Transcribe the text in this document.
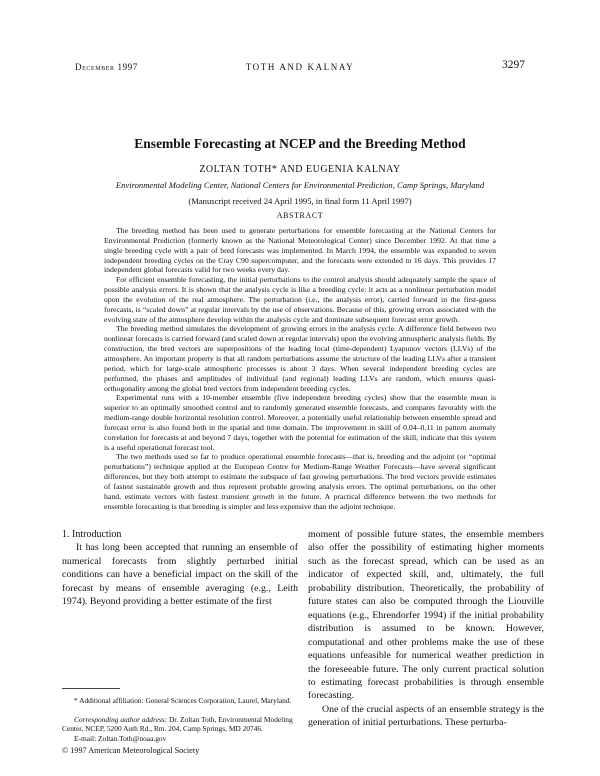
December 1997	TOTH AND KALNAY	3297
Ensemble Forecasting at NCEP and the Breeding Method
ZOLTAN TOTH* AND EUGENIA KALNAY
Environmental Modeling Center, National Centers for Environmental Prediction, Camp Springs, Maryland
(Manuscript received 24 April 1995, in final form 11 April 1997)
ABSTRACT

The breeding method has been used to generate perturbations for ensemble forecasting at the National Centers for Environmental Prediction (formerly known as the National Meteorological Center) since December 1992. At that time a single breeding cycle with a pair of bred forecasts was implemented. In March 1994, the ensemble was expanded to seven independent breeding cycles on the Cray C90 supercomputer, and the forecasts were extended to 16 days. This provides 17 independent global forecasts valid for two weeks every day.

For efficient ensemble forecasting, the initial perturbations to the control analysis should adequately sample the space of possible analysis errors. It is shown that the analysis cycle is like a breeding cycle: it acts as a nonlinear perturbation model upon the evolution of the real atmosphere. The perturbation (i.e., the analysis error), carried forward in the first-guess forecasts, is “scaled down” at regular intervals by the use of observations. Because of this, growing errors associated with the evolving state of the atmosphere develop within the analysis cycle and dominate subsequent forecast error growth.

The breeding method simulates the development of growing errors in the analysis cycle. A difference field between two nonlinear forecasts is carried forward (and scaled down at regular intervals) upon the evolving atmospheric analysis fields. By construction, the bred vectors are superpositions of the leading local (time-dependent) Lyapunov vectors (LLVs) of the atmosphere. An important property is that all random perturbations assume the structure of the leading LLVs after a transient period, which for large-scale atmospheric processes is about 3 days. When several independent breeding cycles are performed, the phases and amplitudes of individual (and regional) leading LLVs are random, which ensures quasi-orthogonality among the global bred vectors from independent breeding cycles.

Experimental runs with a 10-member ensemble (five independent breeding cycles) show that the ensemble mean is superior to an optimally smoothed control and to randomly generated ensemble forecasts, and compares favorably with the medium-range double horizontal resolution control. Moreover, a potentially useful relationship between ensemble spread and forecast error is also found both in the spatial and time domain. The improvement in skill of 0.04–0.11 in pattern anomaly correlation for forecasts at and beyond 7 days, together with the potential for estimation of the skill, indicate that this system is a useful operational forecast tool.

The two methods used so far to produce operational ensemble forecasts—that is, breeding and the adjoint (or “optimal perturbations”) technique applied at the European Centre for Medium-Range Weather Forecasts—have several significant differences, but they both attempt to estimate the subspace of fast growing perturbations. The bred vectors provide estimates of fastest sustainable growth and thus represent probable growing analysis errors. The optimal perturbations, on the other hand, estimate vectors with fastest transient growth in the future. A practical difference between the two methods for ensemble forecasting is that breeding is simpler and less expensive than the adjoint technique.

1. Introduction

It has long been accepted that running an ensemble of numerical forecasts from slightly perturbed initial conditions can have a beneficial impact on the skill of the forecast by means of ensemble averaging (e.g., Leith 1974). Beyond providing a better estimate of the first

* Additional affiliation: General Sciences Corporation, Laurel, Maryland.

Corresponding author address: Dr. Zoltan Toth, Environmental Modeling Center, NCEP, 5200 Auth Rd., Rm. 204, Camp Springs, MD 20746.

E-mail: Zoltan.Toth@noaa.gov

moment of possible future states, the ensemble members also offer the possibility of estimating higher moments such as the forecast spread, which can be used as an indicator of expected skill, and, ultimately, the full probability distribution. Theoretically, the probability of future states can also be computed through the Liouville equations (e.g., Ehrendorfer 1994) if the initial probability distribution is assumed to be known. However, computational and other problems make the use of these equations unfeasible for numerical weather prediction in the foreseeable future. The only current practical solution to estimating forecast probabilities is through ensemble forecasting.

One of the crucial aspects of an ensemble strategy is the generation of initial perturbations. These perturba-

© 1997 American Meteorological Society
